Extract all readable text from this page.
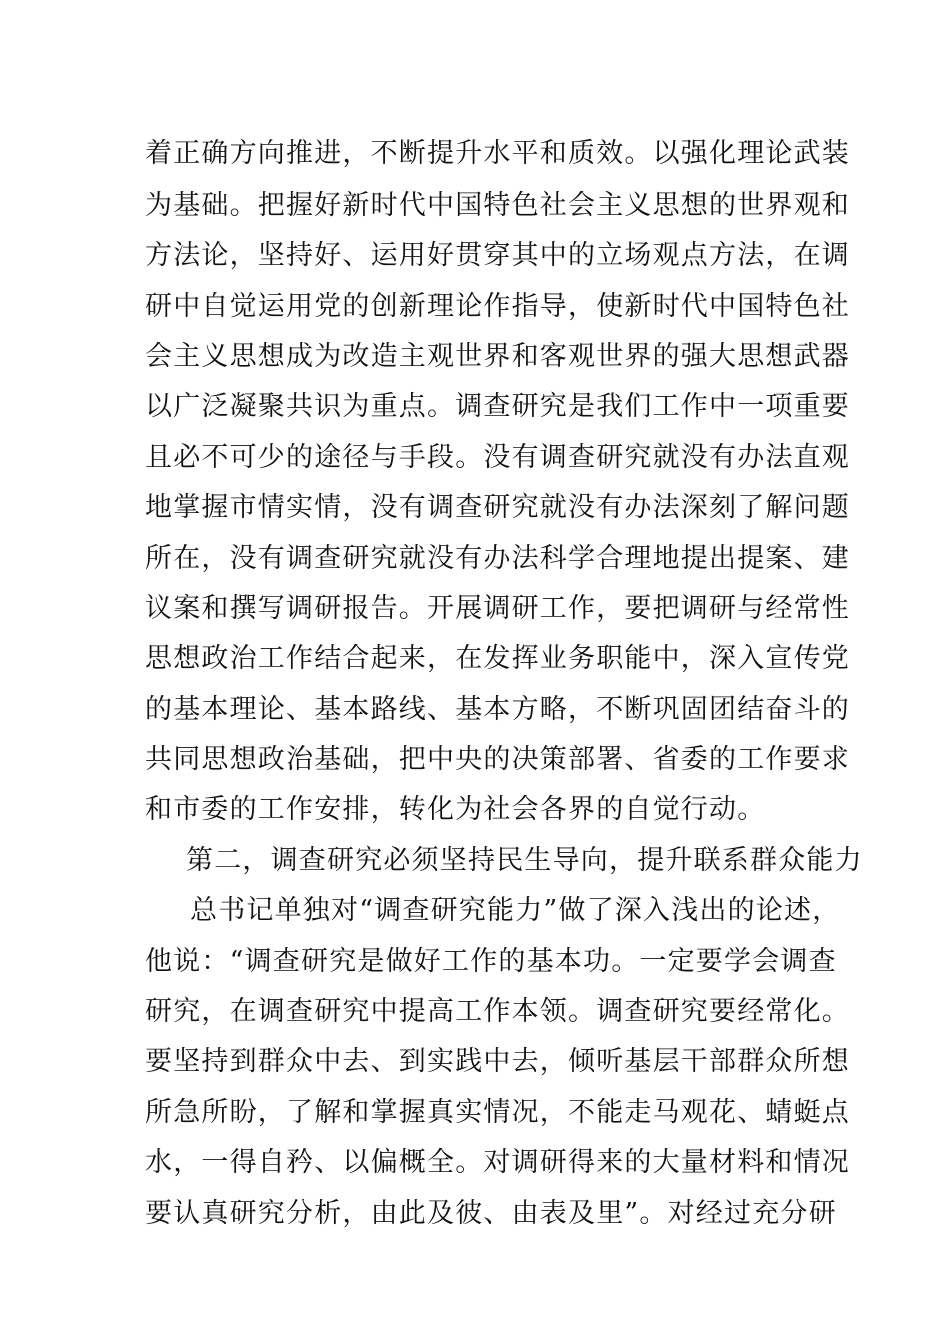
着正确方向推进，不断提升水平和质效。以强化理论武装
为基础。把握好新时代中国特色社会主义思想的世界观和
方法论，坚持好、运用好贯穿其中的立场观点方法，在调
研中自觉运用党的创新理论作指导，使新时代中国特色社
会主义思想成为改造主观世界和客观世界的强大思想武器
以广泛凝聚共识为重点。调查研究是我们工作中一项重要
且必不可少的途径与手段。没有调查研究就没有办法直观
地掌握市情实情，没有调查研究就没有办法深刻了解问题
所在，没有调查研究就没有办法科学合理地提出提案、建
议案和撰写调研报告。开展调研工作，要把调研与经常性
思想政治工作结合起来，在发挥业务职能中，深入宣传党
的基本理论、基本路线、基本方略，不断巩固团结奋斗的
共同思想政治基础，把中央的决策部署、省委的工作要求
和市委的工作安排，转化为社会各界的自觉行动。
第二，调查研究必须坚持民生导向，提升联系群众能力
总书记单独对“调查研究能力”做了深入浅出的论述，
他说：“调查研究是做好工作的基本功。一定要学会调查
研究，在调查研究中提高工作本领。调查研究要经常化。
要坚持到群众中去、到实践中去，倾听基层干部群众所想
所急所盼，了解和掌握真实情况，不能走马观花、蜻蜓点
水，一得自矜、以偏概全。对调研得来的大量材料和情况
要认真研究分析，由此及彼、由表及里”。对经过充分研
